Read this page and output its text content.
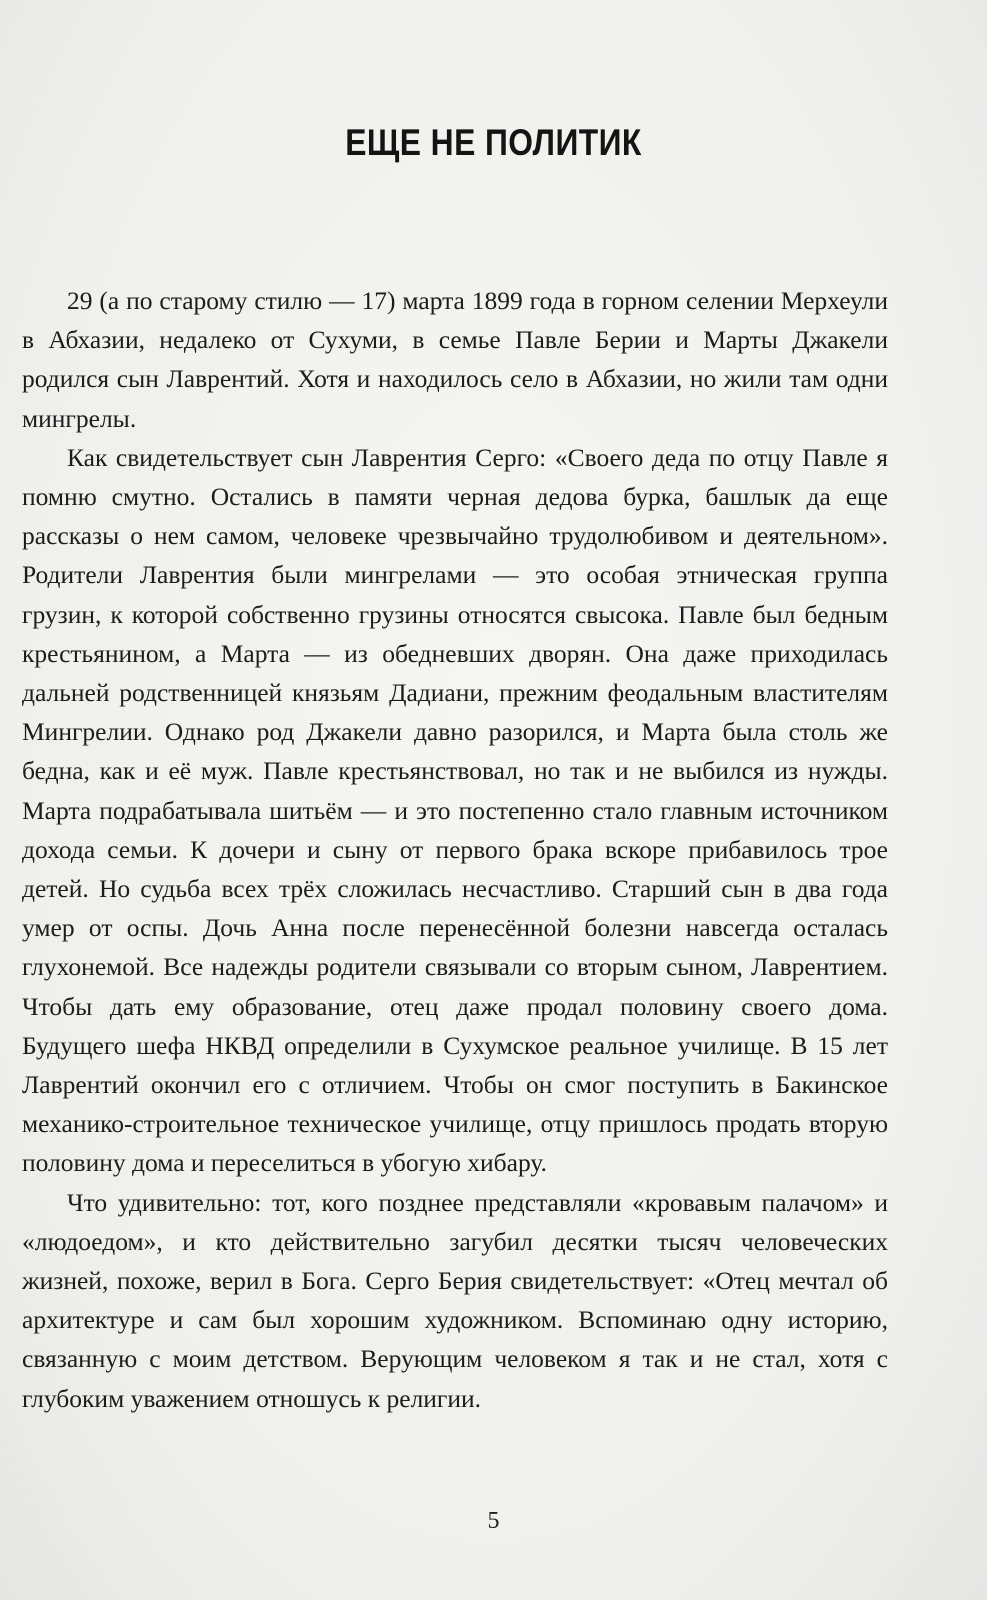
ЕЩЕ НЕ ПОЛИТИК

29 (а по старому стилю — 17) марта 1899 года в горном селении Мерхеули в Абхазии, недалеко от Сухуми, в семье Павле Берии и Марты Джакели родился сын Лаврентий. Хотя и находилось село в Абхазии, но жили там одни мингрелы.

Как свидетельствует сын Лаврентия Серго: «Своего деда по отцу Павле я помню смутно. Остались в памяти черная дедова бурка, башлык да еще рассказы о нем самом, человеке чрезвычайно трудолюбивом и деятельном». Родители Лаврентия были мингрелами — это особая этническая группа грузин, к которой собственно грузины относятся свысока. Павле был бедным крестьянином, а Марта — из обедневших дворян. Она даже приходилась дальней родственницей князьям Дадиани, прежним феодальным властителям Мингрелии. Однако род Джакели давно разорился, и Марта была столь же бедна, как и её муж. Павле крестьянствовал, но так и не выбился из нужды. Марта подрабатывала шитьём — и это постепенно стало главным источником дохода семьи. К дочери и сыну от первого брака вскоре прибавилось трое детей. Но судьба всех трёх сложилась несчастливо. Старший сын в два года умер от оспы. Дочь Анна после перенесённой болезни навсегда осталась глухонемой. Все надежды родители связывали со вторым сыном, Лаврентием. Чтобы дать ему образование, отец даже продал половину своего дома. Будущего шефа НКВД определили в Сухумское реальное училище. В 15 лет Лаврентий окончил его с отличием. Чтобы он смог поступить в Бакинское механико-строительное техническое училище, отцу пришлось продать вторую половину дома и переселиться в убогую хибару.

Что удивительно: тот, кого позднее представляли «кровавым палачом» и «людоедом», и кто действительно загубил десятки тысяч человеческих жизней, похоже, верил в Бога. Серго Берия свидетельствует: «Отец мечтал об архитектуре и сам был хорошим художником. Вспоминаю одну историю, связанную с моим детством. Верующим человеком я так и не стал, хотя с глубоким уважением отношусь к религии.

5
